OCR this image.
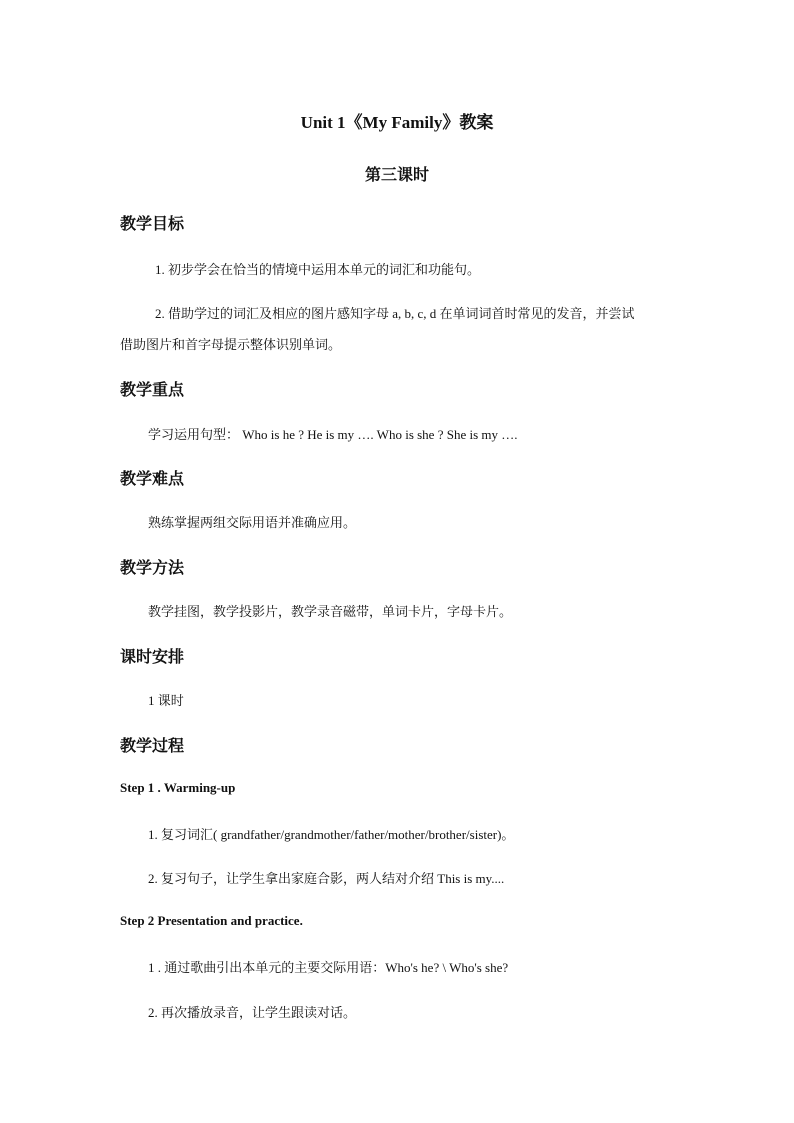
Unit 1《My Family》教案
第三课时
教学目标
1. 初步学会在恰当的情境中运用本单元的词汇和功能句。
2. 借助学过的词汇及相应的图片感知字母 a, b, c, d 在单词词首时常见的发音，并尝试
借助图片和首字母提示整体识别单词。
教学重点
学习运用句型： Who is he ? He is my …. Who is she ? She is my ….
教学难点
熟练掌握两组交际用语并准确应用。
教学方法
教学挂图，教学投影片，教学录音磁带，单词卡片，字母卡片。
课时安排
1 课时
教学过程
Step 1 . Warming-up
1. 复习词汇( grandfather/grandmother/father/mother/brother/sister)。
2. 复习句子，让学生拿出家庭合影，两人结对介绍 This is my....
Step 2 Presentation and practice.
1 . 通过歌曲引出本单元的主要交际用语：Who's he? \ Who's she?
2. 再次播放录音，让学生跟读对话。
